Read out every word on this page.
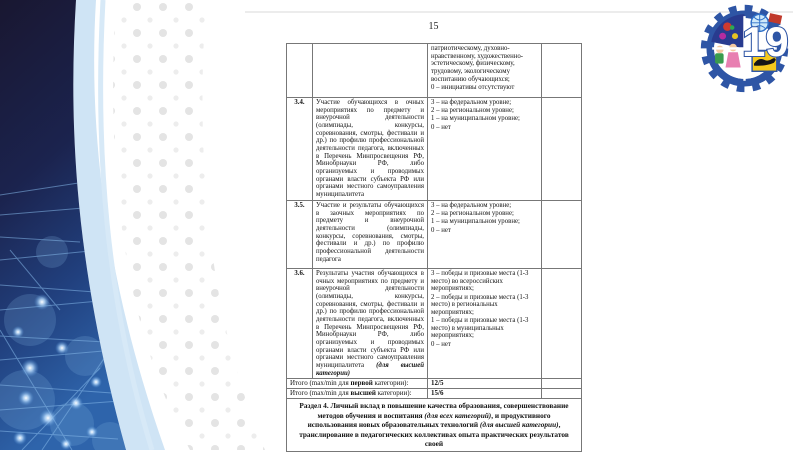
19
15

		патриотическому, духовно-нравственному, художественно-эстетическому, физическому, трудовому, экологическому воспитанию обучающихся;
0 – инициативы отсутствуют	

3.4.	Участие обучающихся в очных мероприятиях по предмету и внеурочной деятельности (олимпиады, конкурсы, соревнования, смотры, фестивали и др.) по профилю профессиональной деятельности педагога, включенных в Перечень Минпросвещения РФ, Минобрнауки РФ, либо организуемых и проводимых органами власти субъекта РФ или органами местного самоуправления муниципалитета	
3 – на федеральном уровне;
2 – на региональном уровне;
1 – на муниципальном уровне;
0 – нет

3.5.	Участие и результаты обучающихся в заочных мероприятиях по предмету и внеурочной деятельности (олимпиады, конкурсы, соревнования, смотры, фестивали и др.) по профилю профессиональной деятельности педагога	
3 – на федеральном уровне;
2 – на региональном уровне;
1 – на муниципальном уровне;
0 – нет

3.6.	Результаты участия обучающихся в очных мероприятиях по предмету и внеурочной деятельности (олимпиады, конкурсы, соревнования, смотры, фестивали и др.) по профилю профессиональной деятельности педагога, включенных в Перечень Минпросвещения РФ, Минобрнауки РФ, либо организуемых и проводимых органами власти субъекта РФ или органами местного самоуправления муниципалитета (для высшей категории)	
3 – победы и призовые места (1-3 место) во всероссийских мероприятиях;
2 – победы и призовые места (1-3 место) в региональных мероприятиях;
1 – победы и призовые места (1-3 место) в муниципальных мероприятиях;
0 – нет

Итого (max/min для первой категории):		12/5	
Итого (max/min для высшей категории):		15/6	
Раздел 4. Личный вклад в повышение качества образования, совершенствование методов обучения и воспитания (для всех категорий), и продуктивного использования новых образовательных технологий (для высшей категории), транслирование в педагогических коллективах опыта практических результатов своей			
